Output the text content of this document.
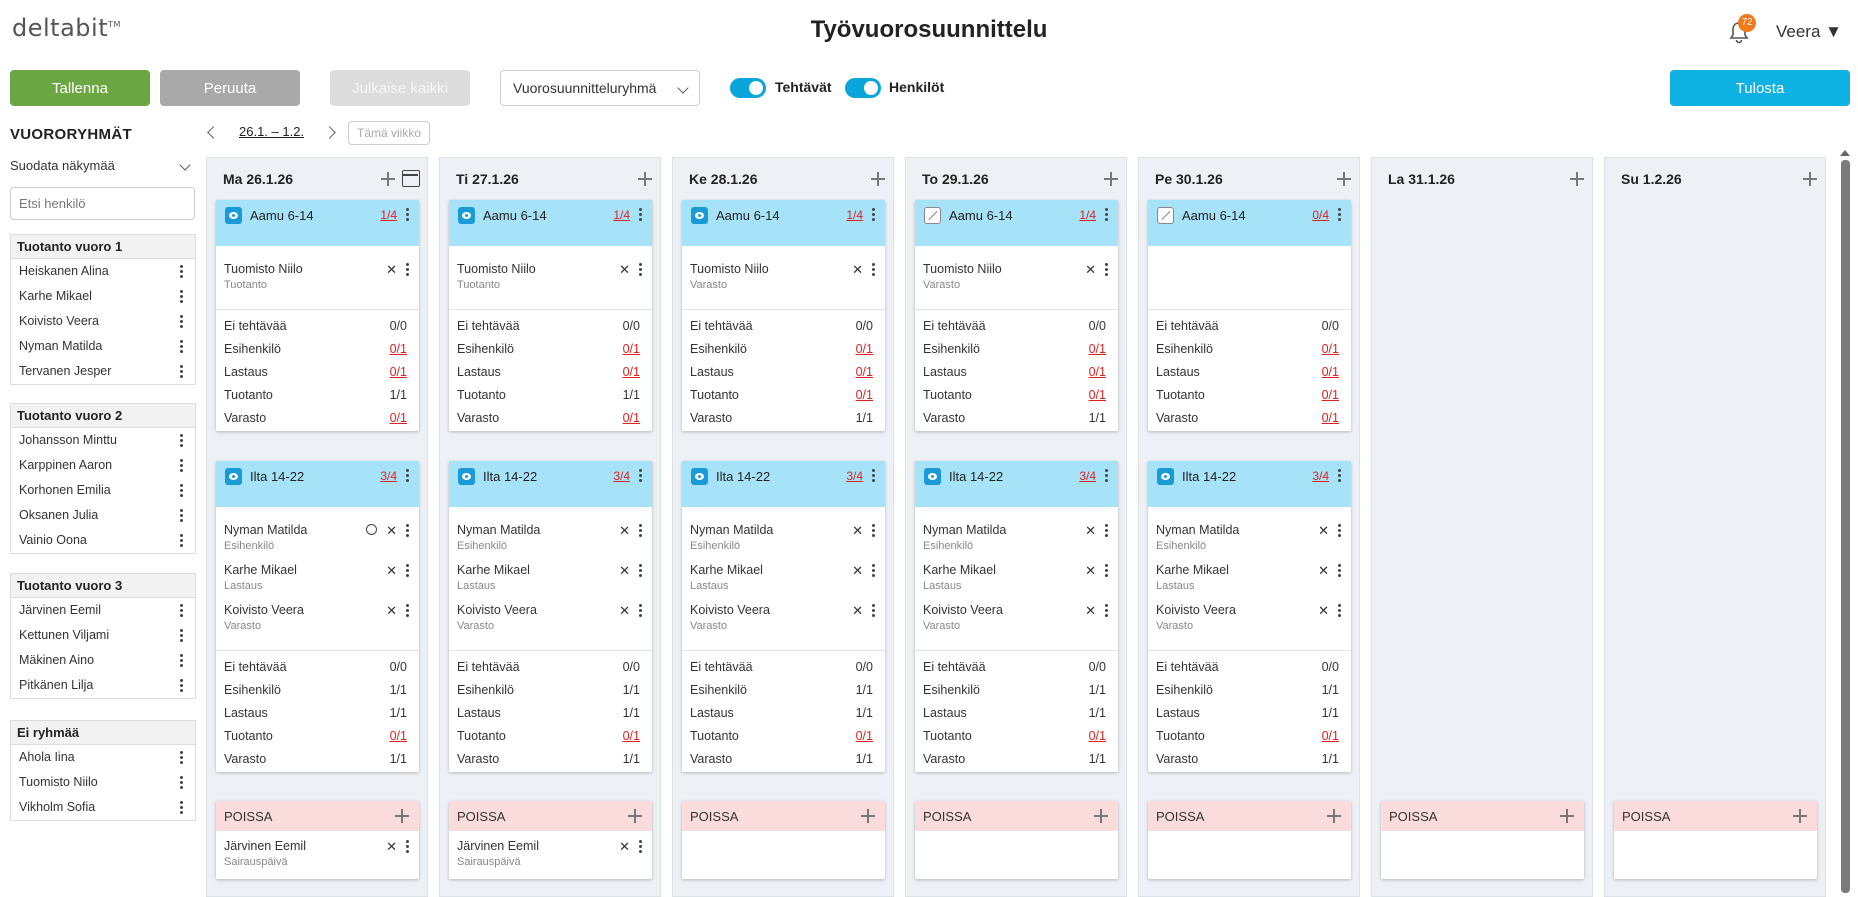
deltabit™	Työvuorosuunnittelu	72 Veera ▼
Tallenna	Peruuta	Julkaise kaikki	Vuorosuunnitteluryhmä	Tehtävät	Henkilöt	Tulosta
VUORORYHMÄT
Suodata näkymää
Etsi henkilö
Tuotanto vuoro 1
Heiskanen Alina
Karhe Mikael
Koivisto Veera
Nyman Matilda
Tervanen Jesper
Tuotanto vuoro 2
Johansson Minttu
Karppinen Aaron
Korhonen Emilia
Oksanen Julia
Vainio Oona
Tuotanto vuoro 3
Järvinen Eemil
Kettunen Viljami
Mäkinen Aino
Pitkänen Lilja
Ei ryhmää
Ahola Iina
Tuomisto Niilo
Vikholm Sofia
26.1. – 1.2.	Tämä viikko
Ma 26.1.26
Aamu 6-14	1/4
Tuomisto Niilo
Tuotanto
✕
Ei tehtävää	0/0
Esihenkilö	0/1
Lastaus	0/1
Tuotanto	1/1
Varasto	0/1
Ilta 14-22	3/4
Nyman Matilda
Esihenkilö
✕
Karhe Mikael
Lastaus
✕
Koivisto Veera
Varasto
✕
Ei tehtävää	0/0
Esihenkilö	1/1
Lastaus	1/1
Tuotanto	0/1
Varasto	1/1
POISSA
Järvinen Eemil
Sairauspäivä
✕
Ti 27.1.26
Aamu 6-14	1/4
Tuomisto Niilo
Tuotanto
✕
Ei tehtävää	0/0
Esihenkilö	0/1
Lastaus	0/1
Tuotanto	1/1
Varasto	0/1
Ilta 14-22	3/4
Nyman Matilda
Esihenkilö
✕
Karhe Mikael
Lastaus
✕
Koivisto Veera
Varasto
✕
Ei tehtävää	0/0
Esihenkilö	1/1
Lastaus	1/1
Tuotanto	0/1
Varasto	1/1
POISSA
Järvinen Eemil
Sairauspäivä
✕
Ke 28.1.26
Aamu 6-14	1/4
Tuomisto Niilo
Varasto
✕
Ei tehtävää	0/0
Esihenkilö	0/1
Lastaus	0/1
Tuotanto	0/1
Varasto	1/1
Ilta 14-22	3/4
Nyman Matilda
Esihenkilö
✕
Karhe Mikael
Lastaus
✕
Koivisto Veera
Varasto
✕
Ei tehtävää	0/0
Esihenkilö	1/1
Lastaus	1/1
Tuotanto	0/1
Varasto	1/1
POISSA
To 29.1.26
Aamu 6-14	1/4
Tuomisto Niilo
Varasto
✕
Ei tehtävää	0/0
Esihenkilö	0/1
Lastaus	0/1
Tuotanto	0/1
Varasto	1/1
Ilta 14-22	3/4
Nyman Matilda
Esihenkilö
✕
Karhe Mikael
Lastaus
✕
Koivisto Veera
Varasto
✕
Ei tehtävää	0/0
Esihenkilö	1/1
Lastaus	1/1
Tuotanto	0/1
Varasto	1/1
POISSA
Pe 30.1.26
Aamu 6-14	0/4
Ei tehtävää	0/0
Esihenkilö	0/1
Lastaus	0/1
Tuotanto	0/1
Varasto	0/1
Ilta 14-22	3/4
Nyman Matilda
Esihenkilö
✕
Karhe Mikael
Lastaus
✕
Koivisto Veera
Varasto
✕
Ei tehtävää	0/0
Esihenkilö	1/1
Lastaus	1/1
Tuotanto	0/1
Varasto	1/1
POISSA
La 31.1.26
POISSA
Su 1.2.26
POISSA
